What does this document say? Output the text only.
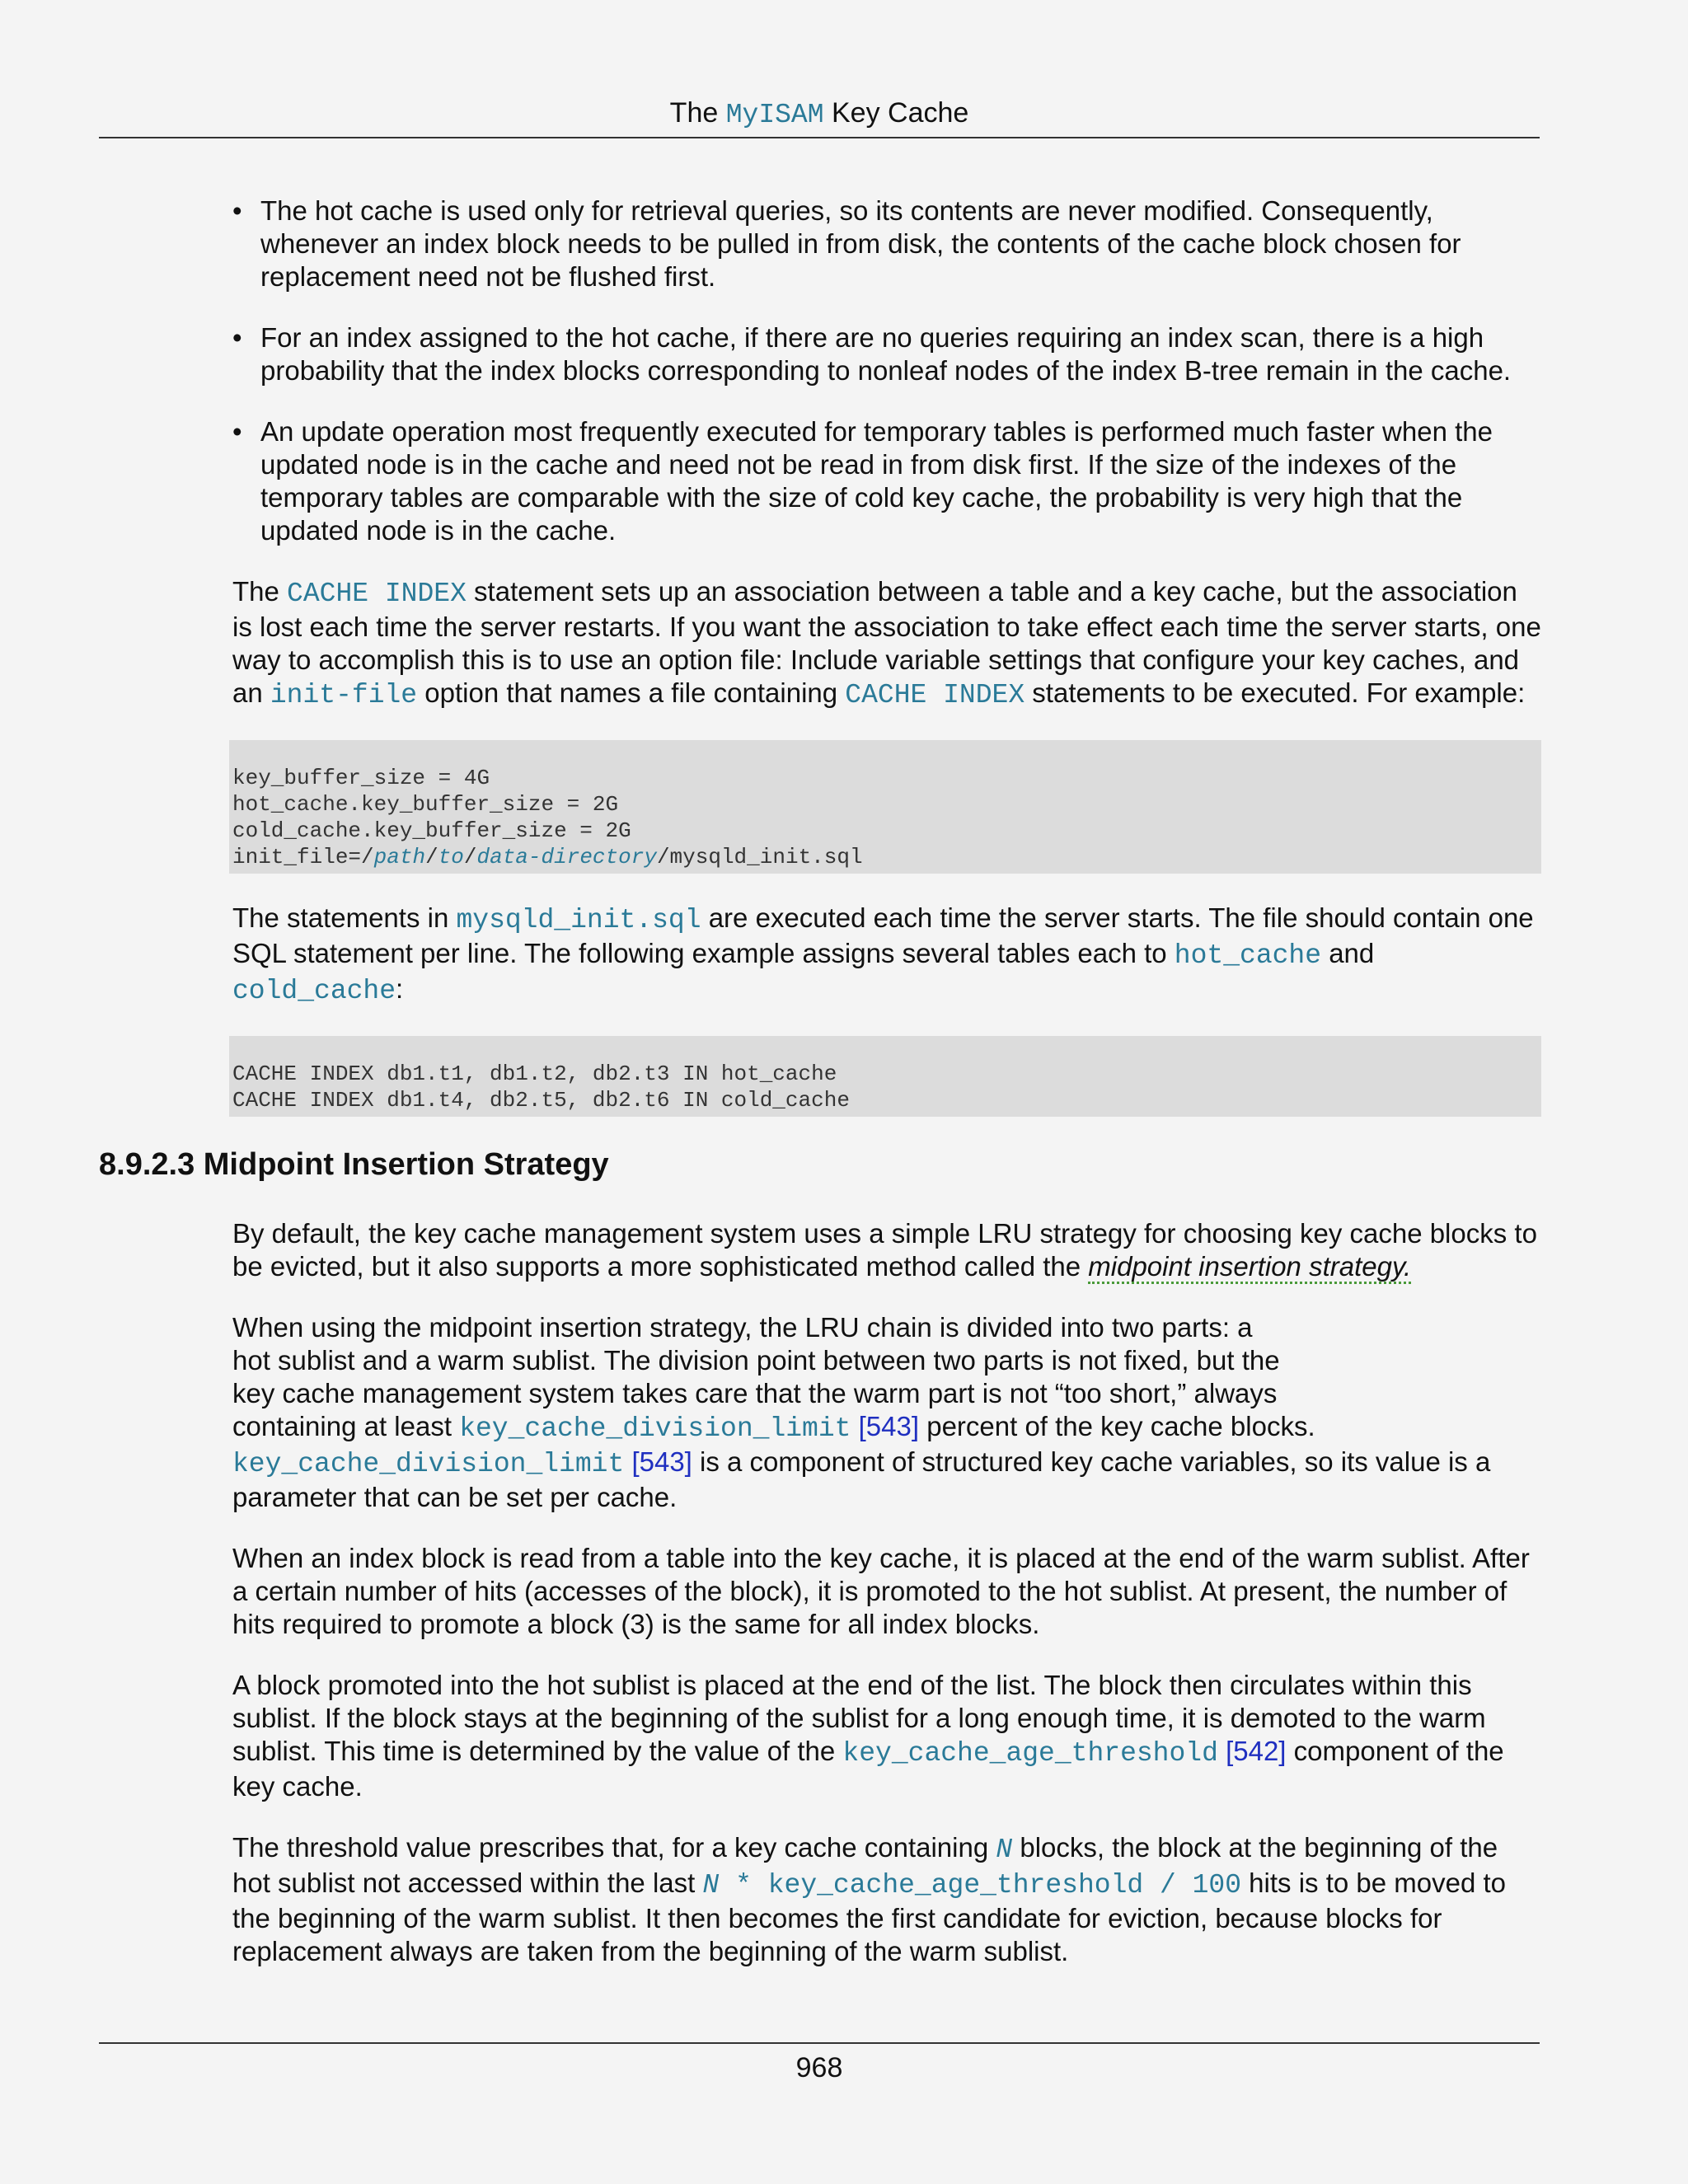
The MyISAM Key Cache
• The hot cache is used only for retrieval queries, so its contents are never modified. Consequently, whenever an index block needs to be pulled in from disk, the contents of the cache block chosen for replacement need not be flushed first.
• For an index assigned to the hot cache, if there are no queries requiring an index scan, there is a high probability that the index blocks corresponding to nonleaf nodes of the index B-tree remain in the cache.
• An update operation most frequently executed for temporary tables is performed much faster when the updated node is in the cache and need not be read in from disk first. If the size of the indexes of the temporary tables are comparable with the size of cold key cache, the probability is very high that the updated node is in the cache.

The CACHE INDEX statement sets up an association between a table and a key cache, but the association is lost each time the server restarts. If you want the association to take effect each time the server starts, one way to accomplish this is to use an option file: Include variable settings that configure your key caches, and an init-file option that names a file containing CACHE INDEX statements to be executed. For example:

key_buffer_size = 4G
hot_cache.key_buffer_size = 2G
cold_cache.key_buffer_size = 2G
init_file=/path/to/data-directory/mysqld_init.sql

The statements in mysqld_init.sql are executed each time the server starts. The file should contain one SQL statement per line. The following example assigns several tables each to hot_cache and cold_cache:

CACHE INDEX db1.t1, db1.t2, db2.t3 IN hot_cache
CACHE INDEX db1.t4, db2.t5, db2.t6 IN cold_cache
8.9.2.3 Midpoint Insertion Strategy

By default, the key cache management system uses a simple LRU strategy for choosing key cache blocks to be evicted, but it also supports a more sophisticated method called the midpoint insertion strategy.

When using the midpoint insertion strategy, the LRU chain is divided into two parts: a
hot sublist and a warm sublist. The division point between two parts is not fixed, but the
key cache management system takes care that the warm part is not “too short,” always
containing at least key_cache_division_limit [543] percent of the key cache blocks.
key_cache_division_limit [543] is a component of structured key cache variables, so its value is a parameter that can be set per cache.

When an index block is read from a table into the key cache, it is placed at the end of the warm sublist. After a certain number of hits (accesses of the block), it is promoted to the hot sublist. At present, the number of hits required to promote a block (3) is the same for all index blocks.

A block promoted into the hot sublist is placed at the end of the list. The block then circulates within this sublist. If the block stays at the beginning of the sublist for a long enough time, it is demoted to the warm sublist. This time is determined by the value of the key_cache_age_threshold [542] component of the key cache.

The threshold value prescribes that, for a key cache containing N blocks, the block at the beginning of the hot sublist not accessed within the last N * key_cache_age_threshold / 100 hits is to be moved to the beginning of the warm sublist. It then becomes the first candidate for eviction, because blocks for replacement always are taken from the beginning of the warm sublist.

968
